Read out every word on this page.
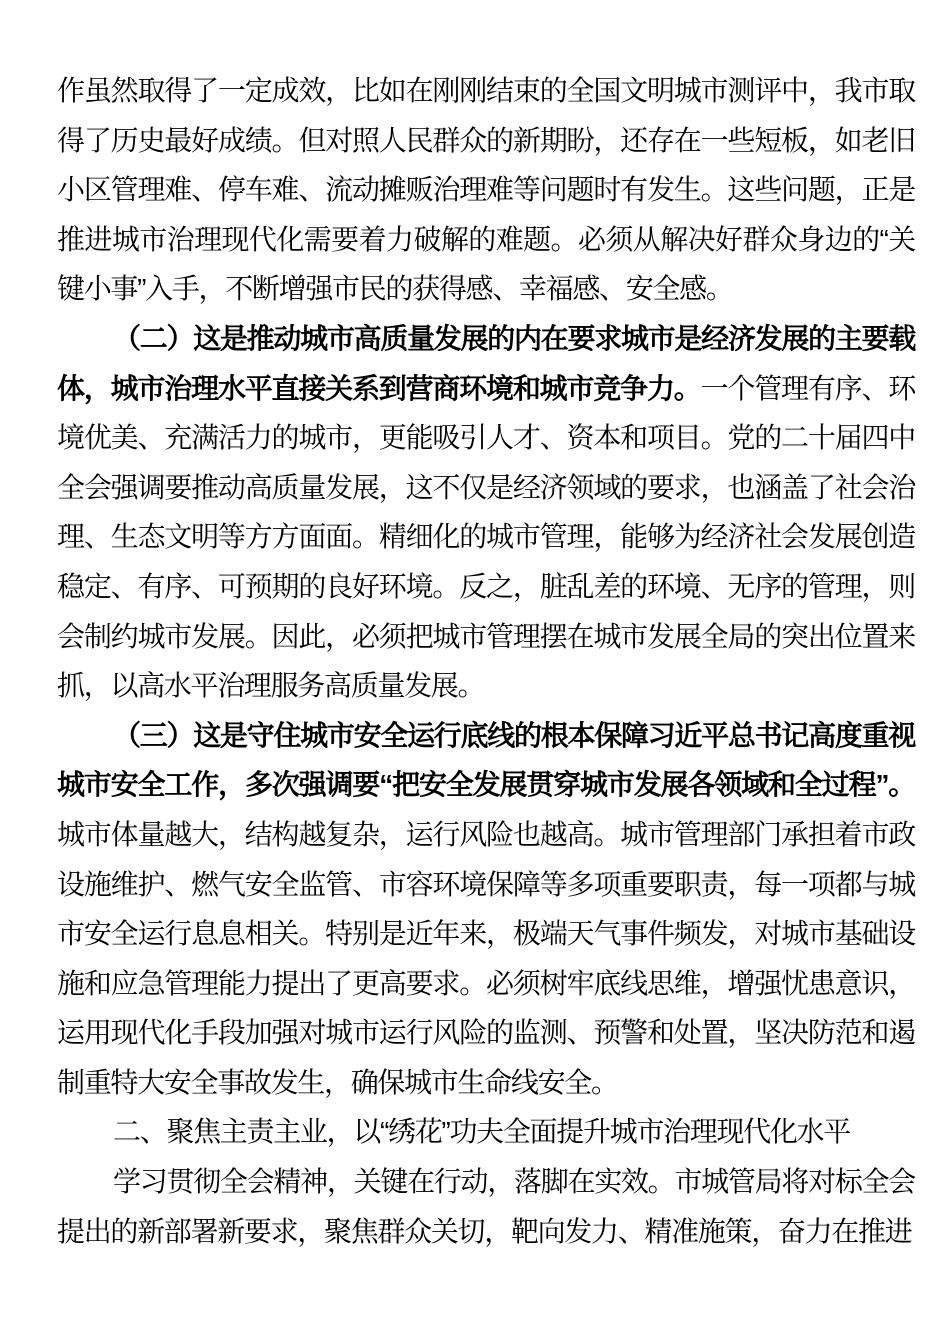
作虽然取得了一定成效，比如在刚刚结束的全国文明城市测评中，我市取得了历史最好成绩。但对照人民群众的新期盼，还存在一些短板，如老旧小区管理难、停车难、流动摊贩治理难等问题时有发生。这些问题，正是推进城市治理现代化需要着力破解的难题。必须从解决好群众身边的“关键小事”入手，不断增强市民的获得感、幸福感、安全感。

（二）这是推动城市高质量发展的内在要求城市是经济发展的主要载体，城市治理水平直接关系到营商环境和城市竞争力。一个管理有序、环境优美、充满活力的城市，更能吸引人才、资本和项目。党的二十届四中全会强调要推动高质量发展，这不仅是经济领域的要求，也涵盖了社会治理、生态文明等方方面面。精细化的城市管理，能够为经济社会发展创造稳定、有序、可预期的良好环境。反之，脏乱差的环境、无序的管理，则会制约城市发展。因此，必须把城市管理摆在城市发展全局的突出位置来抓，以高水平治理服务高质量发展。

（三）这是守住城市安全运行底线的根本保障习近平总书记高度重视城市安全工作，多次强调要“把安全发展贯穿城市发展各领域和全过程”。城市体量越大，结构越复杂，运行风险也越高。城市管理部门承担着市政设施维护、燃气安全监管、市容环境保障等多项重要职责，每一项都与城市安全运行息息相关。特别是近年来，极端天气事件频发，对城市基础设施和应急管理能力提出了更高要求。必须树牢底线思维，增强忧患意识，运用现代化手段加强对城市运行风险的监测、预警和处置，坚决防范和遏制重特大安全事故发生，确保城市生命线安全。

二、聚焦主责主业，以“绣花”功夫全面提升城市治理现代化水平

学习贯彻全会精神，关键在行动，落脚在实效。市城管局将对标全会提出的新部署新要求，聚焦群众关切，靶向发力、精准施策，奋力在推进
